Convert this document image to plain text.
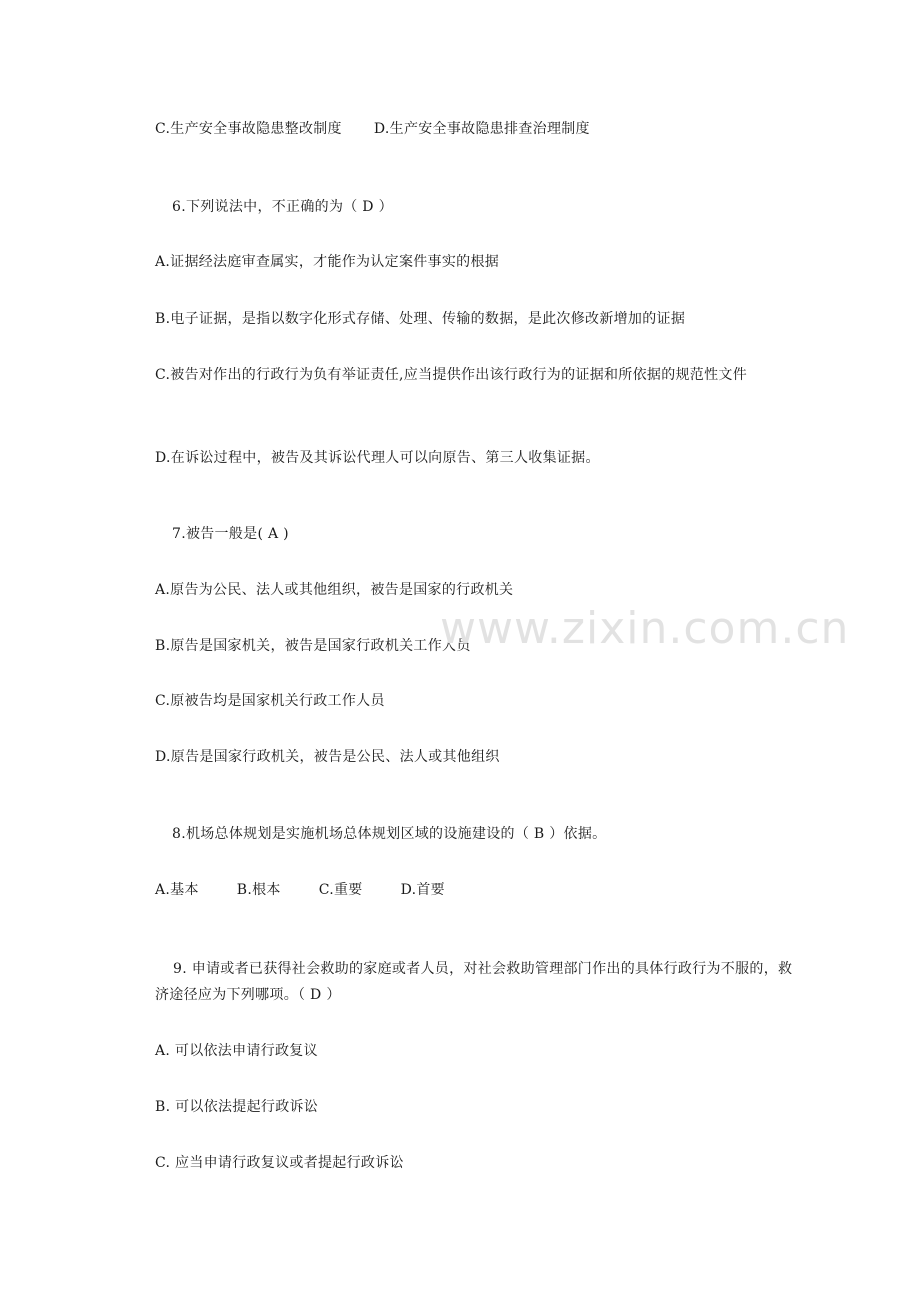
C.生产安全事故隐患整改制度 D.生产安全事故隐患排查治理制度

6.下列说法中，不正确的为（ D ）

A.证据经法庭审查属实，才能作为认定案件事实的根据

B.电子证据，是指以数字化形式存储、处理、传输的数据，是此次修改新增加的证据

C.被告对作出的行政行为负有举证责任,应当提供作出该行政行为的证据和所依据的规范性文件

D.在诉讼过程中，被告及其诉讼代理人可以向原告、第三人收集证据。

7.被告一般是( A )

A.原告为公民、法人或其他组织，被告是国家的行政机关

B.原告是国家机关，被告是国家行政机关工作人员

C.原被告均是国家机关行政工作人员

D.原告是国家行政机关，被告是公民、法人或其他组织

8.机场总体规划是实施机场总体规划区域的设施建设的（ B ）依据。

A.基本	B.根本	C.重要	D.首要

9. 申请或者已获得社会救助的家庭或者人员，对社会救助管理部门作出的具体行政行为不服的，救济途径应为下列哪项。（ D ）

A. 可以依法申请行政复议

B. 可以依法提起行政诉讼

C. 应当申请行政复议或者提起行政诉讼

www.zixin.com.cn
